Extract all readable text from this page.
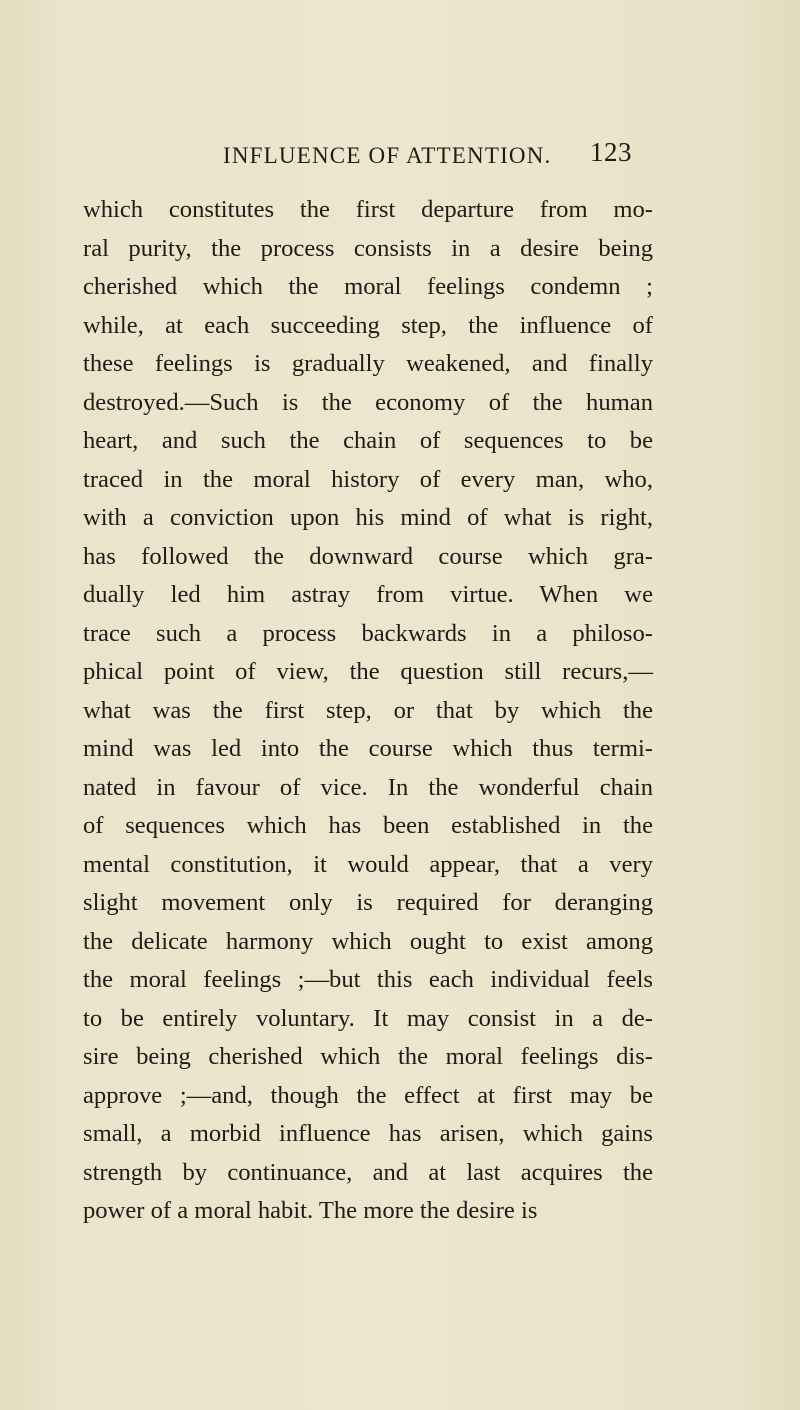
INFLUENCE OF ATTENTION. 123
which constitutes the first departure from mo-
ral purity, the process consists in a desire being
cherished which the moral feelings condemn ;
while, at each succeeding step, the influence of
these feelings is gradually weakened, and finally
destroyed.—Such is the economy of the human
heart, and such the chain of sequences to be
traced in the moral history of every man, who,
with a conviction upon his mind of what is right,
has followed the downward course which gra-
dually led him astray from virtue. When we
trace such a process backwards in a philoso-
phical point of view, the question still recurs,—
what was the first step, or that by which the
mind was led into the course which thus termi-
nated in favour of vice. In the wonderful chain
of sequences which has been established in the
mental constitution, it would appear, that a very
slight movement only is required for deranging
the delicate harmony which ought to exist among
the moral feelings ;—but this each individual feels
to be entirely voluntary. It may consist in a de-
sire being cherished which the moral feelings dis-
approve ;—and, though the effect at first may be
small, a morbid influence has arisen, which gains
strength by continuance, and at last acquires the
power of a moral habit. The more the desire is
